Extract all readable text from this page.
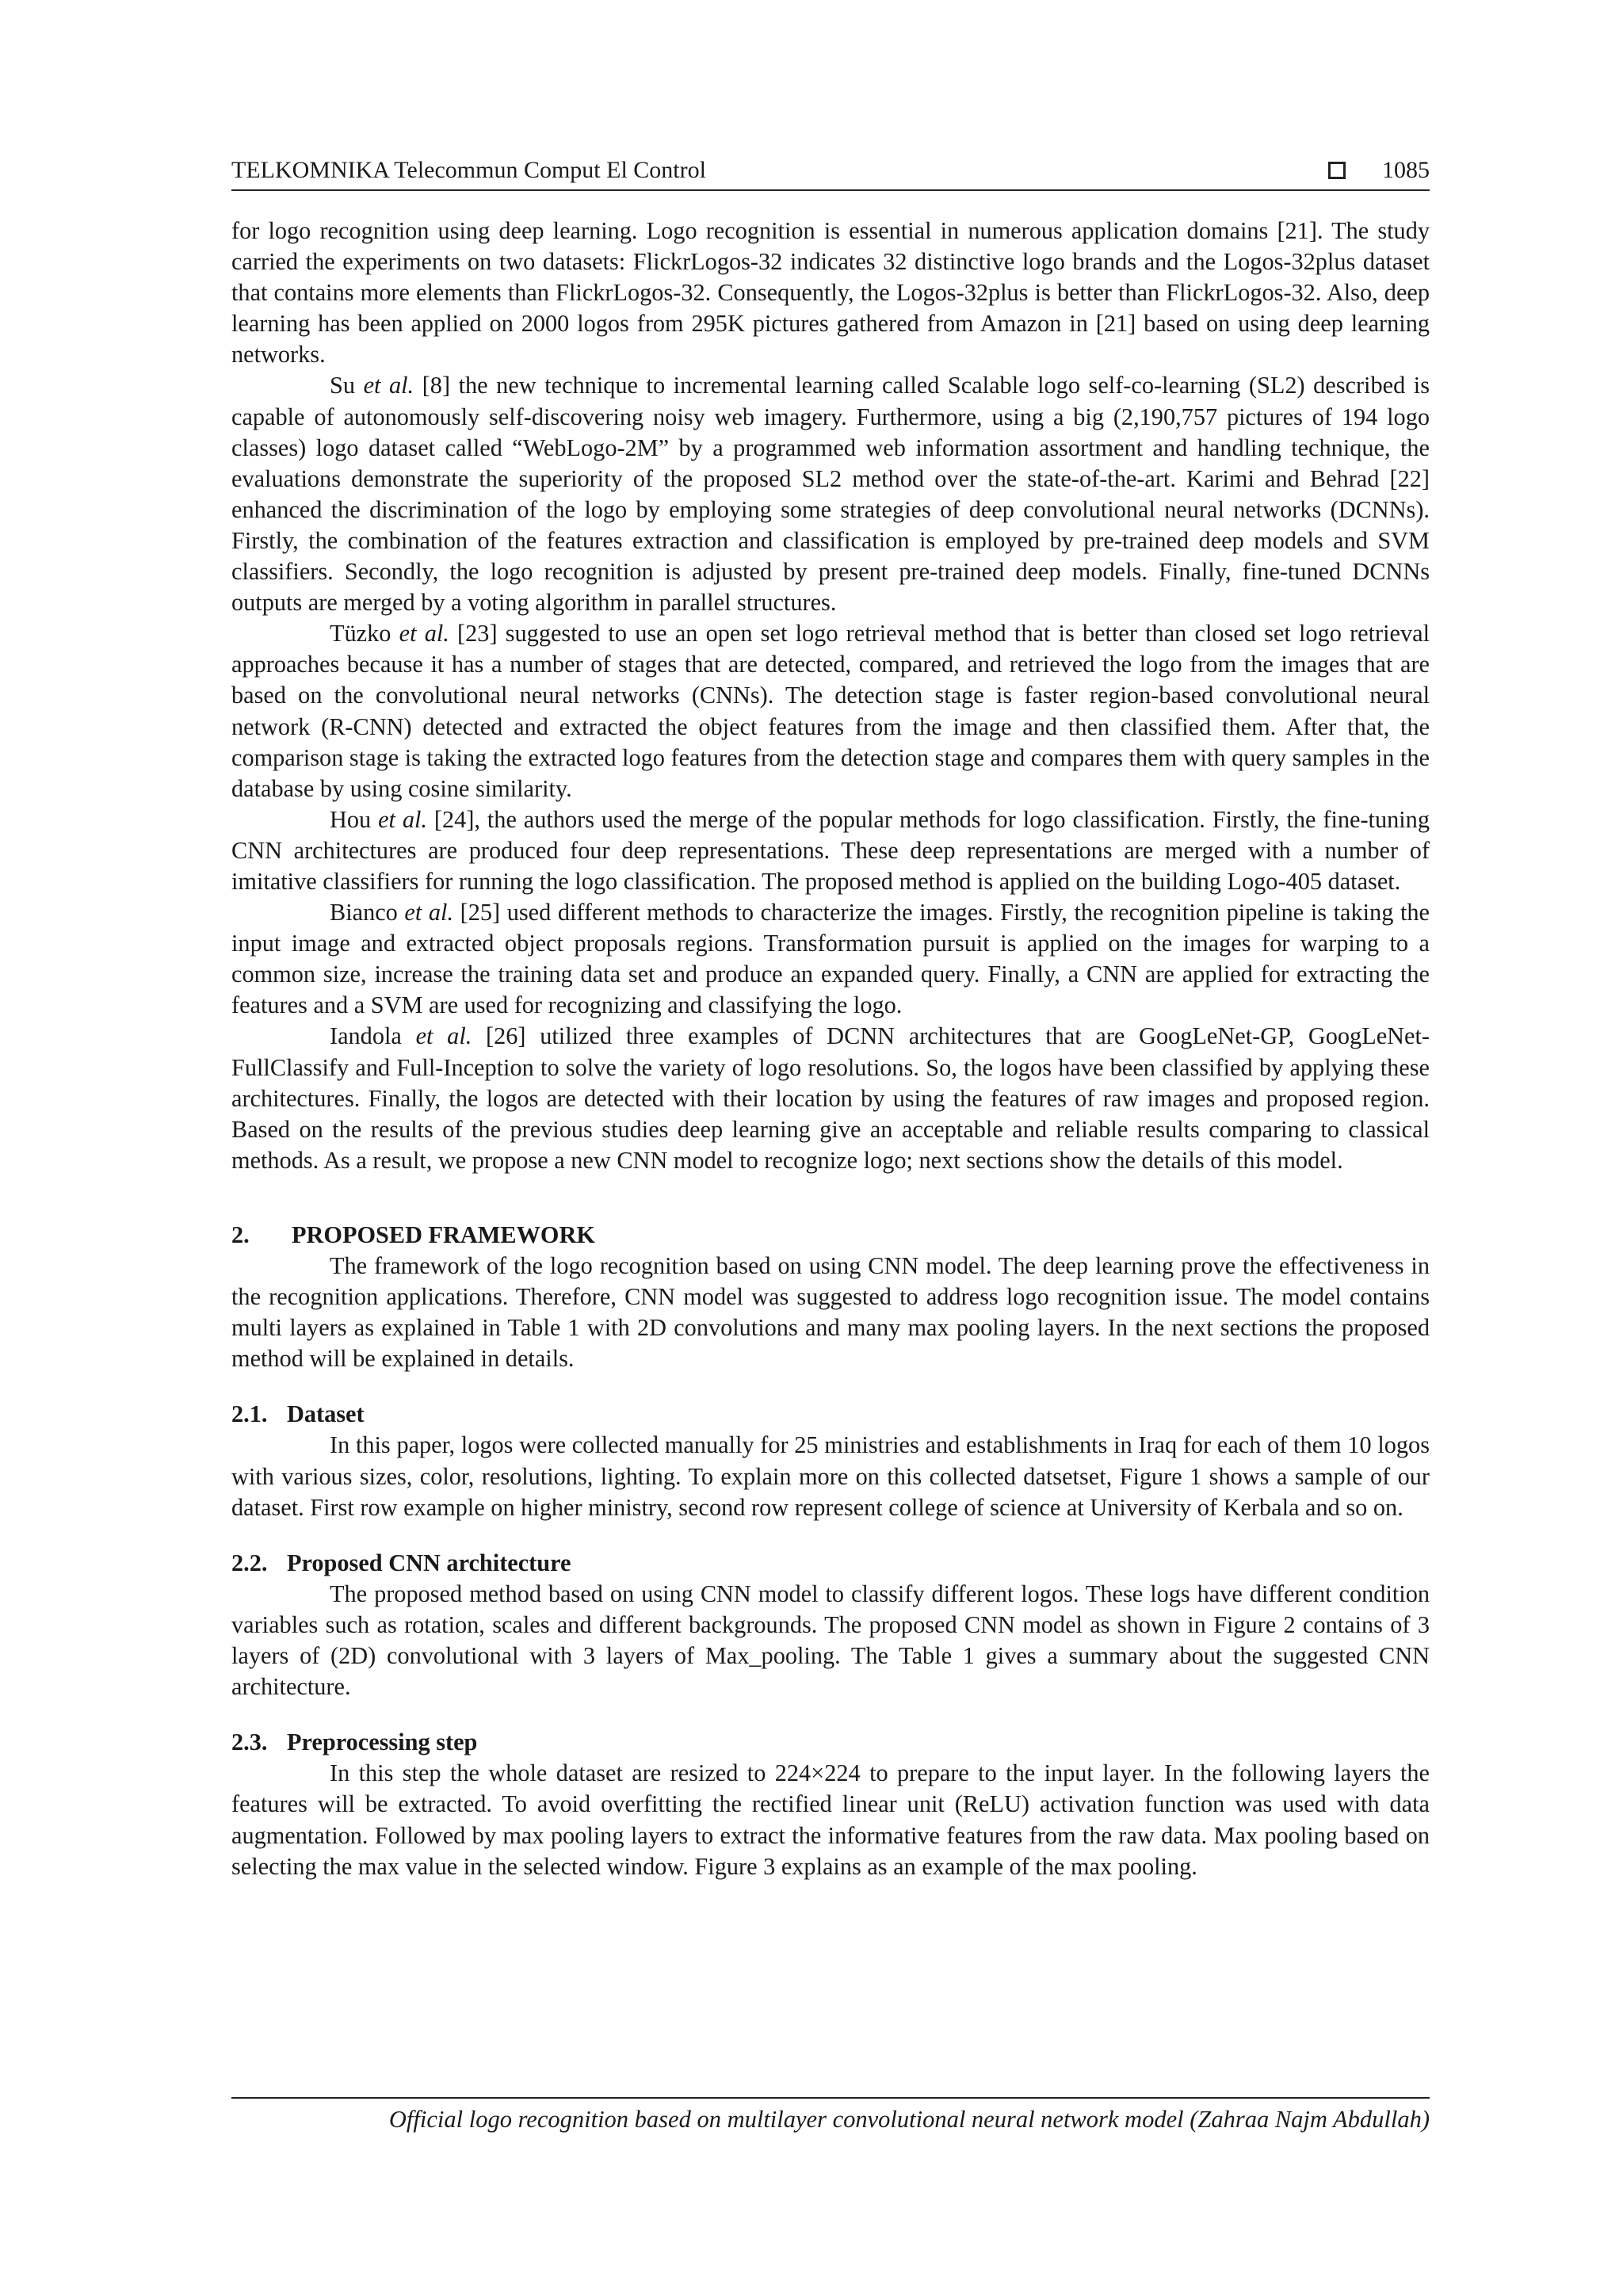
TELKOMNIKA Telecommun Comput El Control	1085

for logo recognition using deep learning. Logo recognition is essential in numerous application domains [21]. The study carried the experiments on two datasets: FlickrLogos-32 indicates 32 distinctive logo brands and the Logos-32plus dataset that contains more elements than FlickrLogos-32. Consequently, the Logos-32plus is better than FlickrLogos-32. Also, deep learning has been applied on 2000 logos from 295K pictures gathered from Amazon in [21] based on using deep learning networks.

Su et al. [8] the new technique to incremental learning called Scalable logo self-co-learning (SL2) described is capable of autonomously self-discovering noisy web imagery. Furthermore, using a big (2,190,757 pictures of 194 logo classes) logo dataset called “WebLogo-2M” by a programmed web information assortment and handling technique, the evaluations demonstrate the superiority of the proposed SL2 method over the state-of-the-art. Karimi and Behrad [22] enhanced the discrimination of the logo by employing some strategies of deep convolutional neural networks (DCNNs). Firstly, the combination of the features extraction and classification is employed by pre-trained deep models and SVM classifiers. Secondly, the logo recognition is adjusted by present pre-trained deep models. Finally, fine-tuned DCNNs outputs are merged by a voting algorithm in parallel structures.

Tüzko et al. [23] suggested to use an open set logo retrieval method that is better than closed set logo retrieval approaches because it has a number of stages that are detected, compared, and retrieved the logo from the images that are based on the convolutional neural networks (CNNs). The detection stage is faster region-based convolutional neural network (R-CNN) detected and extracted the object features from the image and then classified them. After that, the comparison stage is taking the extracted logo features from the detection stage and compares them with query samples in the database by using cosine similarity.

Hou et al. [24], the authors used the merge of the popular methods for logo classification. Firstly, the fine-tuning CNN architectures are produced four deep representations. These deep representations are merged with a number of imitative classifiers for running the logo classification. The proposed method is applied on the building Logo-405 dataset.

Bianco et al. [25] used different methods to characterize the images. Firstly, the recognition pipeline is taking the input image and extracted object proposals regions. Transformation pursuit is applied on the images for warping to a common size, increase the training data set and produce an expanded query. Finally, a CNN are applied for extracting the features and a SVM are used for recognizing and classifying the logo.

Iandola et al. [26] utilized three examples of DCNN architectures that are GoogLeNet-GP, GoogLeNet-FullClassify and Full-Inception to solve the variety of logo resolutions. So, the logos have been classified by applying these architectures. Finally, the logos are detected with their location by using the features of raw images and proposed region. Based on the results of the previous studies deep learning give an acceptable and reliable results comparing to classical methods. As a result, we propose a new CNN model to recognize logo; next sections show the details of this model.

2. PROPOSED FRAMEWORK

The framework of the logo recognition based on using CNN model. The deep learning prove the effectiveness in the recognition applications. Therefore, CNN model was suggested to address logo recognition issue. The model contains multi layers as explained in Table 1 with 2D convolutions and many max pooling layers. In the next sections the proposed method will be explained in details.

2.1. Dataset

In this paper, logos were collected manually for 25 ministries and establishments in Iraq for each of them 10 logos with various sizes, color, resolutions, lighting. To explain more on this collected datsetset, Figure 1 shows a sample of our dataset. First row example on higher ministry, second row represent college of science at University of Kerbala and so on.

2.2. Proposed CNN architecture

The proposed method based on using CNN model to classify different logos. These logs have different condition variables such as rotation, scales and different backgrounds. The proposed CNN model as shown in Figure 2 contains of 3 layers of (2D) convolutional with 3 layers of Max_pooling. The Table 1 gives a summary about the suggested CNN architecture.

2.3. Preprocessing step

In this step the whole dataset are resized to 224×224 to prepare to the input layer. In the following layers the features will be extracted. To avoid overfitting the rectified linear unit (ReLU) activation function was used with data augmentation. Followed by max pooling layers to extract the informative features from the raw data. Max pooling based on selecting the max value in the selected window. Figure 3 explains as an example of the max pooling.

Official logo recognition based on multilayer convolutional neural network model (Zahraa Najm Abdullah)
